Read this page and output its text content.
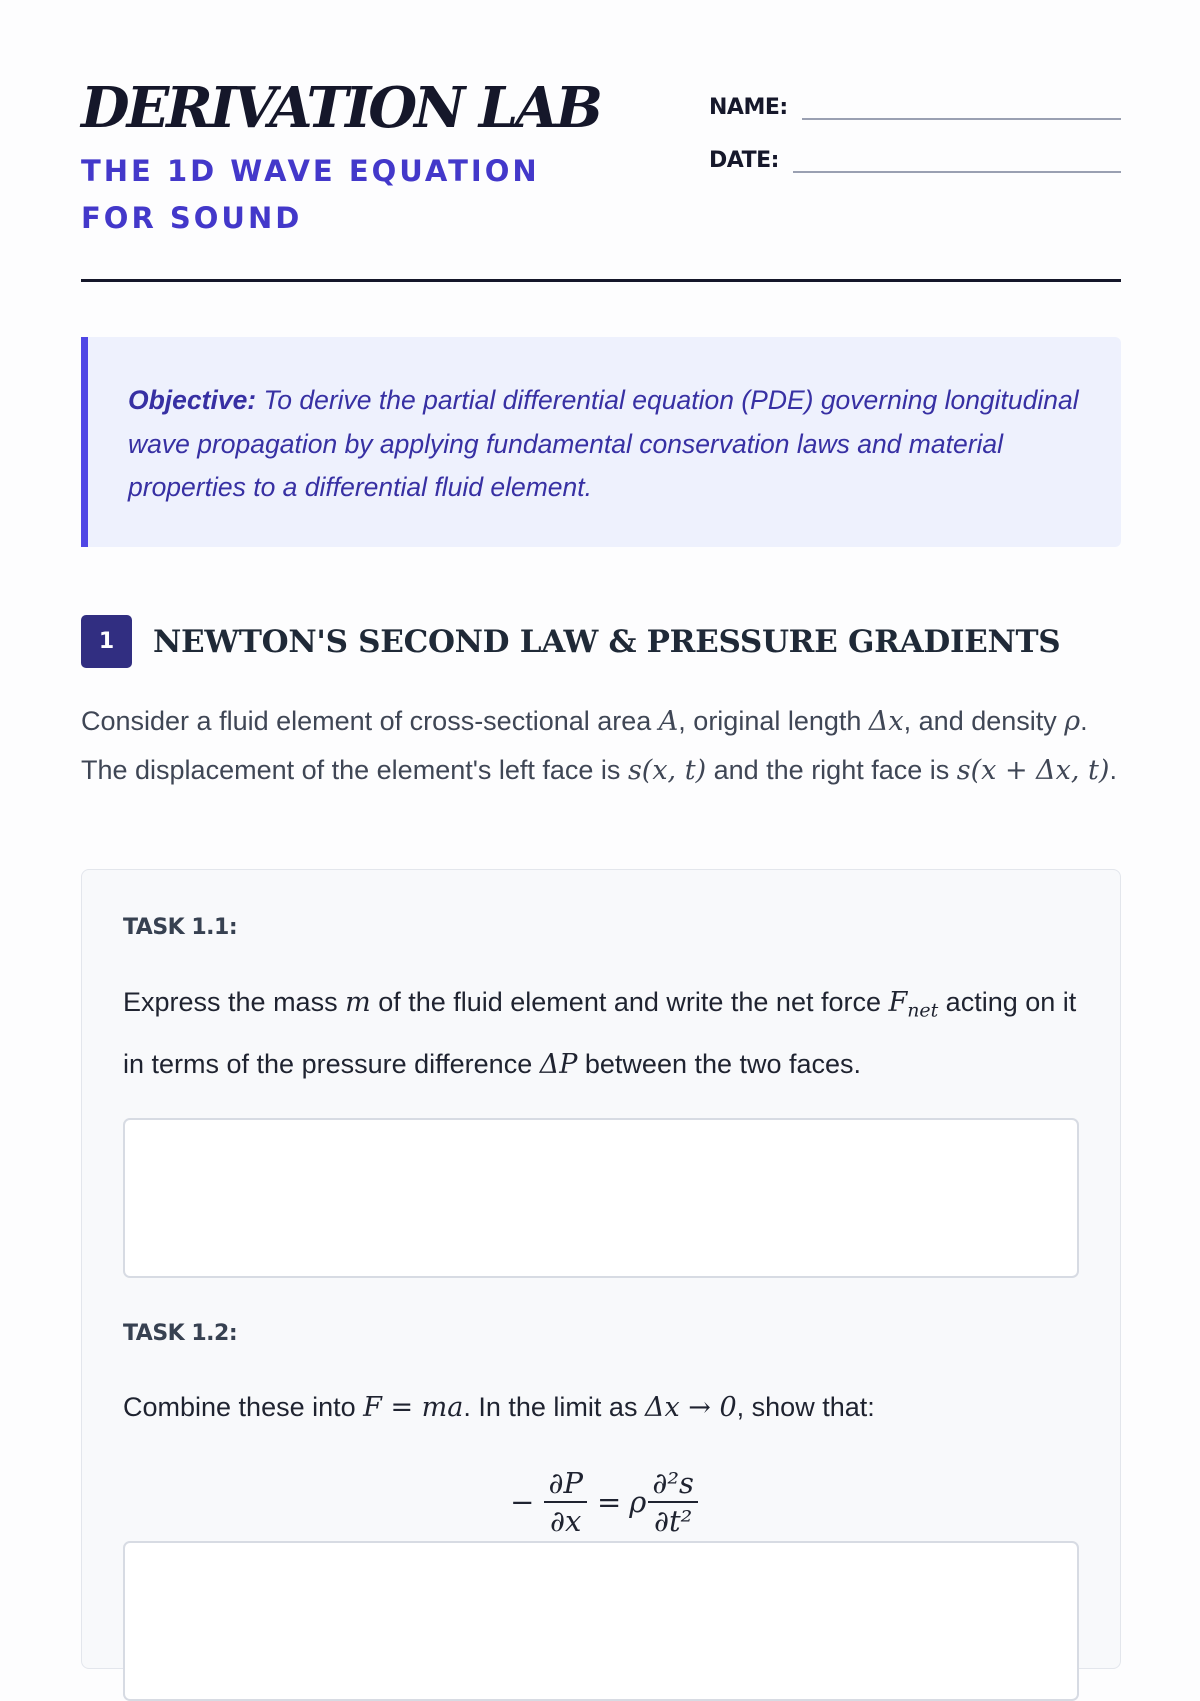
DERIVATION LAB
THE 1D WAVE EQUATION FOR SOUND
NAME:
DATE:
Objective: To derive the partial differential equation (PDE) governing longitudinal wave propagation by applying fundamental conservation laws and material properties to a differential fluid element.
1	NEWTON'S SECOND LAW & PRESSURE GRADIENTS

Consider a fluid element of cross-sectional area A, original length Δx, and density ρ. The displacement of the element's left face is s(x, t) and the right face is s(x + Δx, t).

TASK 1.1:

Express the mass m of the fluid element and write the net force $F_{net}$ acting on it in terms of the pressure difference ΔP between the two faces.

TASK 1.2:

Combine these into F = ma. In the limit as Δx → 0, show that:

− $\frac{\partial P}{\partial x} = \rho \frac{\text{∂²s}}{\text{∂t²}}$
